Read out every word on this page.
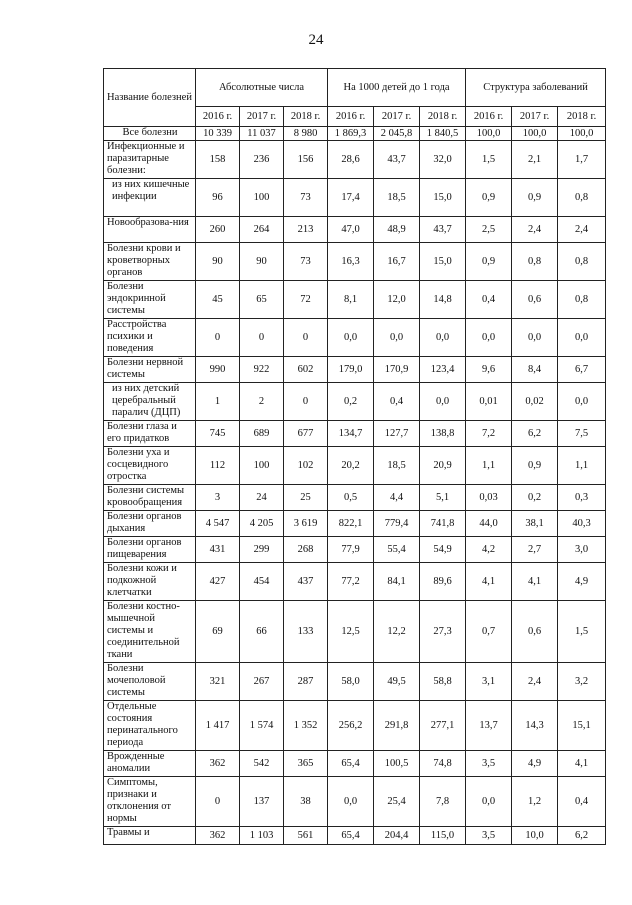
24
Название болезней	Абсолютные числа			На 1000 детей до 1 года			Структура заболеваний		
	2016 г.	2017 г.	2018 г.	2016 г.	2017 г.	2018 г.	2016 г.	2017 г.	2018 г.
Все болезни	10 339	11 037	8 980	1 869,3	2 045,8	1 840,5	100,0	100,0	100,0
Инфекционные и паразитарные болезни:	158	236	156	28,6	43,7	32,0	1,5	2,1	1,7
из них кишечные инфекции	96	100	73	17,4	18,5	15,0	0,9	0,9	0,8
Новообразова-ния	260	264	213	47,0	48,9	43,7	2,5	2,4	2,4
Болезни крови и кроветворных органов	90	90	73	16,3	16,7	15,0	0,9	0,8	0,8
Болезни эндокринной системы	45	65	72	8,1	12,0	14,8	0,4	0,6	0,8
Расстройства психики и поведения	0	0	0	0,0	0,0	0,0	0,0	0,0	0,0
Болезни нервной системы	990	922	602	179,0	170,9	123,4	9,6	8,4	6,7
из них детский церебральный паралич (ДЦП)	1	2	0	0,2	0,4	0,0	0,01	0,02	0,0
Болезни глаза и его придатков	745	689	677	134,7	127,7	138,8	7,2	6,2	7,5
Болезни уха и сосцевидного отростка	112	100	102	20,2	18,5	20,9	1,1	0,9	1,1
Болезни системы кровообращения	3	24	25	0,5	4,4	5,1	0,03	0,2	0,3
Болезни органов дыхания	4 547	4 205	3 619	822,1	779,4	741,8	44,0	38,1	40,3
Болезни органов пищеварения	431	299	268	77,9	55,4	54,9	4,2	2,7	3,0
Болезни кожи и подкожной клетчатки	427	454	437	77,2	84,1	89,6	4,1	4,1	4,9
Болезни костно-мышечной системы и соединительной ткани	69	66	133	12,5	12,2	27,3	0,7	0,6	1,5
Болезни мочеполовой системы	321	267	287	58,0	49,5	58,8	3,1	2,4	3,2
Отдельные состояния перинатального периода	1 417	1 574	1 352	256,2	291,8	277,1	13,7	14,3	15,1
Врожденные аномалии	362	542	365	65,4	100,5	74,8	3,5	4,9	4,1
Симптомы, признаки и отклонения от нормы	0	137	38	0,0	25,4	7,8	0,0	1,2	0,4
Травмы и	362	1 103	561	65,4	204,4	115,0	3,5	10,0	6,2
